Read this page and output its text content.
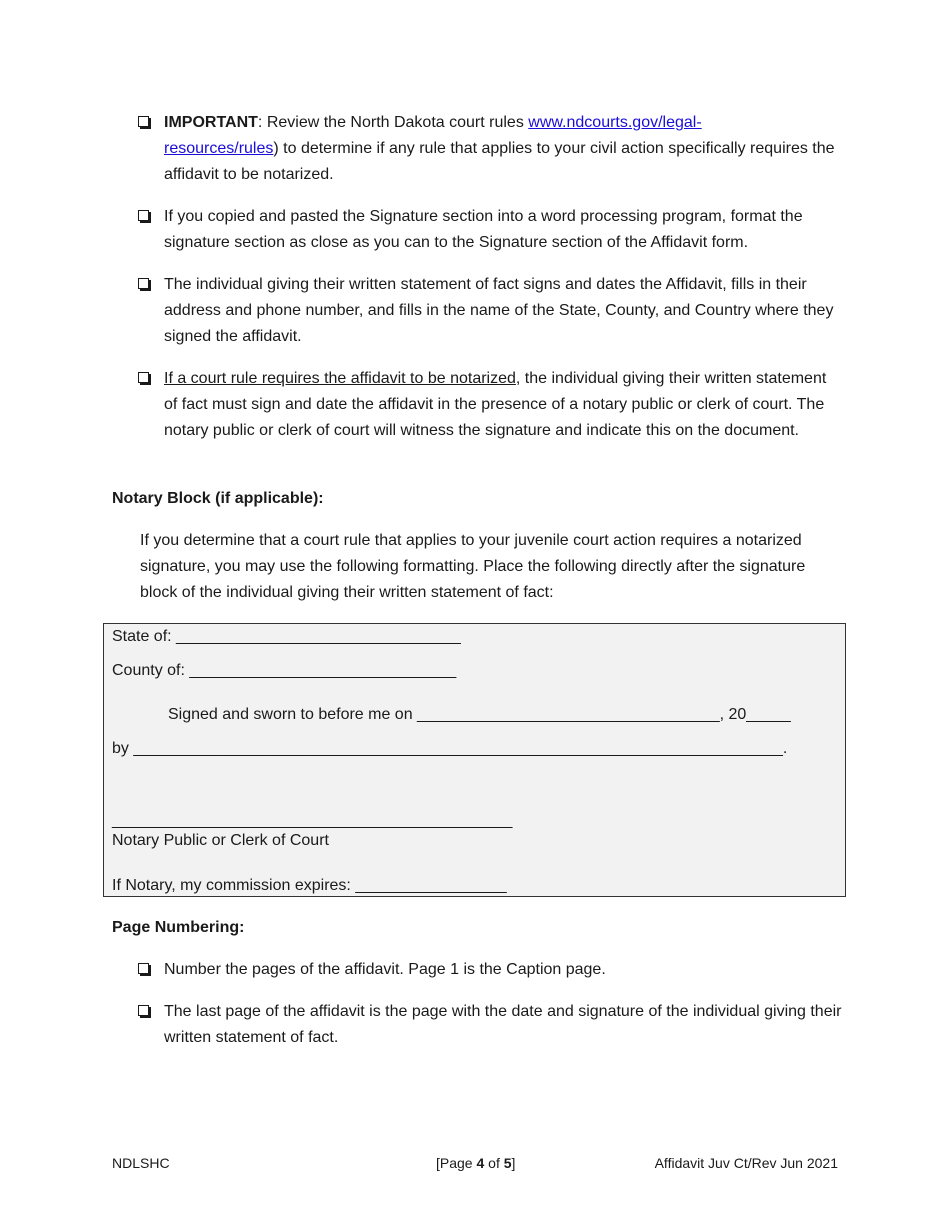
IMPORTANT: Review the North Dakota court rules www.ndcourts.gov/legal-
resources/rules) to determine if any rule that applies to your civil action specifically requires the affidavit to be notarized.
If you copied and pasted the Signature section into a word processing program, format the signature section as close as you can to the Signature section of the Affidavit form.
The individual giving their written statement of fact signs and dates the Affidavit, fills in their address and phone number, and fills in the name of the State, County, and Country where they signed the affidavit.
If a court rule requires the affidavit to be notarized, the individual giving their written statement of fact must sign and date the affidavit in the presence of a notary public or clerk of court. The notary public or clerk of court will witness the signature and indicate this on the document.
Notary Block (if applicable):
If you determine that a court rule that applies to your juvenile court action requires a notarized signature, you may use the following formatting. Place the following directly after the signature block of the individual giving their written statement of fact:
State of: ________________________________
County of: ______________________________
Signed and sworn to before me on __________________________________, 20_____
by _________________________________________________________________________.
_____________________________________________
Notary Public or Clerk of Court
If Notary, my commission expires: _________________
Page Numbering:
Number the pages of the affidavit. Page 1 is the Caption page.
The last page of the affidavit is the page with the date and signature of the individual giving their written statement of fact.
NDLSHC	[Page 4 of 5]	Affidavit Juv Ct/Rev Jun 2021
